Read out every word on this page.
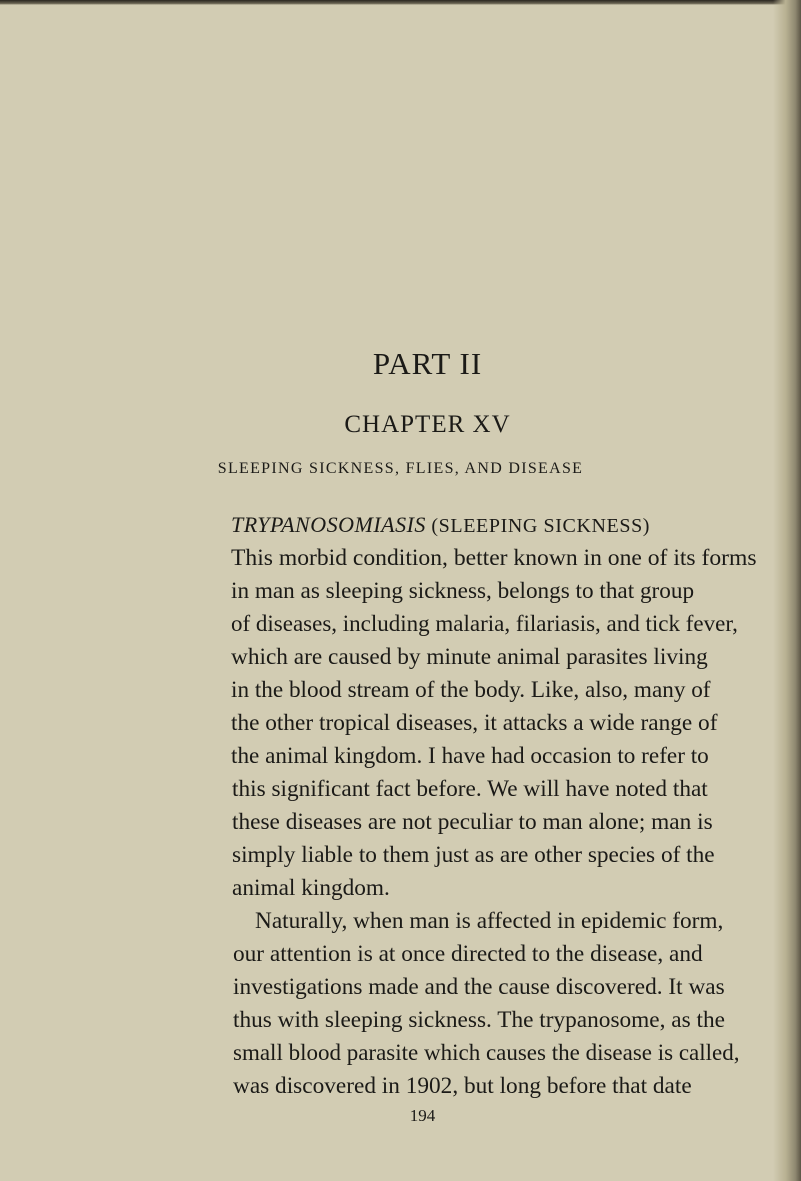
PART II
CHAPTER XV
SLEEPING SICKNESS, FLIES, AND DISEASE
TRYPANOSOMIASIS (SLEEPING SICKNESS)
This morbid condition, better known in one of its forms
in man as sleeping sickness, belongs to that group
of diseases, including malaria, filariasis, and tick fever,
which are caused by minute animal parasites living
in the blood stream of the body. Like, also, many of
the other tropical diseases, it attacks a wide range of
the animal kingdom. I have had occasion to refer to
this significant fact before. We will have noted that
these diseases are not peculiar to man alone; man is
simply liable to them just as are other species of the
animal kingdom.
Naturally, when man is affected in epidemic form,
our attention is at once directed to the disease, and
investigations made and the cause discovered. It was
thus with sleeping sickness. The trypanosome, as the
small blood parasite which causes the disease is called,
was discovered in 1902, but long before that date
194
